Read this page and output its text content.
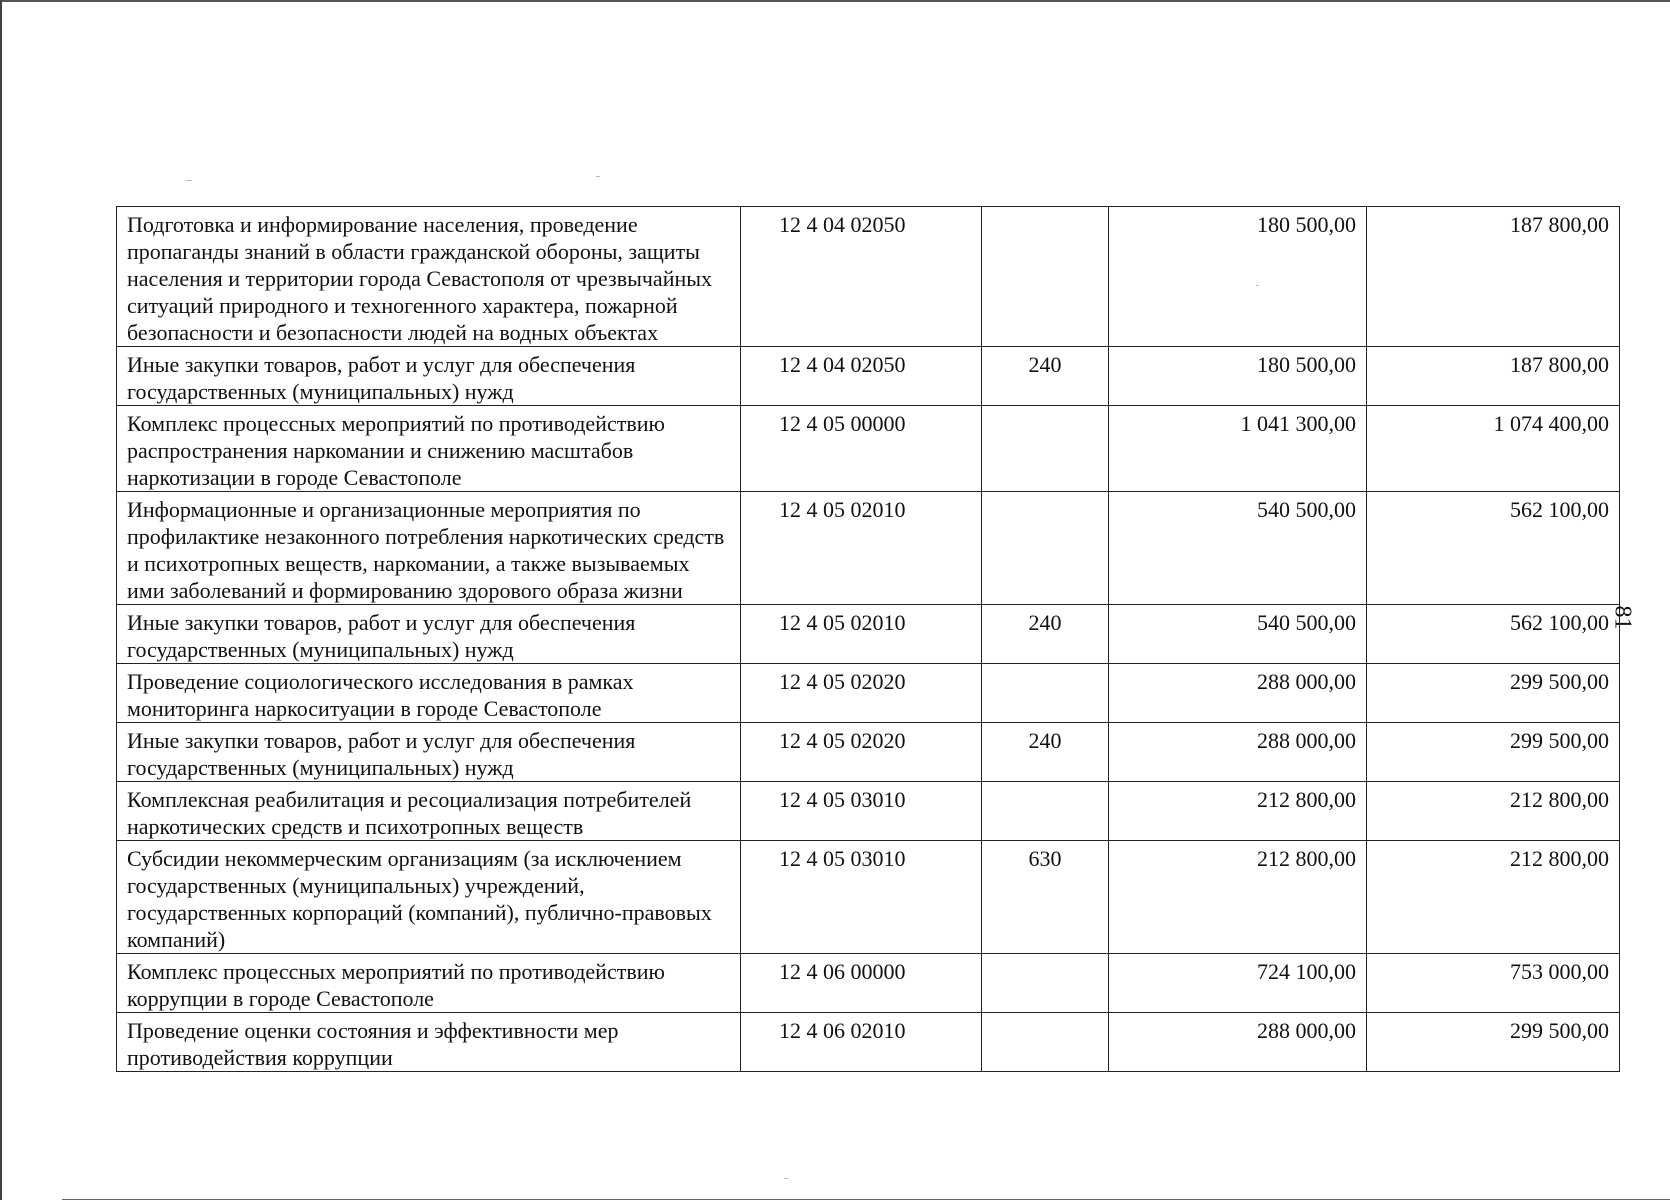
81
Подготовка и информирование населения, проведение пропаганды знаний в области гражданской обороны, защиты населения и территории города Севастополя от чрезвычайных ситуаций природного и техногенного характера, пожарной безопасности и безопасности людей на водных объектах	12 4 04 02050		180 500,00	187 800,00
Иные закупки товаров, работ и услуг для обеспечения государственных (муниципальных) нужд	12 4 04 02050	240	180 500,00	187 800,00
Комплекс процессных мероприятий по противодействию распространения наркомании и снижению масштабов наркотизации в городе Севастополе	12 4 05 00000		1 041 300,00	1 074 400,00
Информационные и организационные мероприятия по профилактике незаконного потребления наркотических средств и психотропных веществ, наркомании, а также вызываемых ими заболеваний и формированию здорового образа жизни	12 4 05 02010		540 500,00	562 100,00
Иные закупки товаров, работ и услуг для обеспечения государственных (муниципальных) нужд	12 4 05 02010	240	540 500,00	562 100,00
Проведение социологического исследования в рамках мониторинга наркоситуации в городе Севастополе	12 4 05 02020		288 000,00	299 500,00
Иные закупки товаров, работ и услуг для обеспечения государственных (муниципальных) нужд	12 4 05 02020	240	288 000,00	299 500,00
Комплексная реабилитация и ресоциализация потребителей наркотических средств и психотропных веществ	12 4 05 03010		212 800,00	212 800,00
Субсидии некоммерческим организациям (за исключением государственных (муниципальных) учреждений, государственных корпораций (компаний), публично-правовых компаний)	12 4 05 03010	630	212 800,00	212 800,00
Комплекс процессных мероприятий по противодействию коррупции в городе Севастополе	12 4 06 00000		724 100,00	753 000,00
Проведение оценки состояния и эффективности мер противодействия коррупции	12 4 06 02010		288 000,00	299 500,00
